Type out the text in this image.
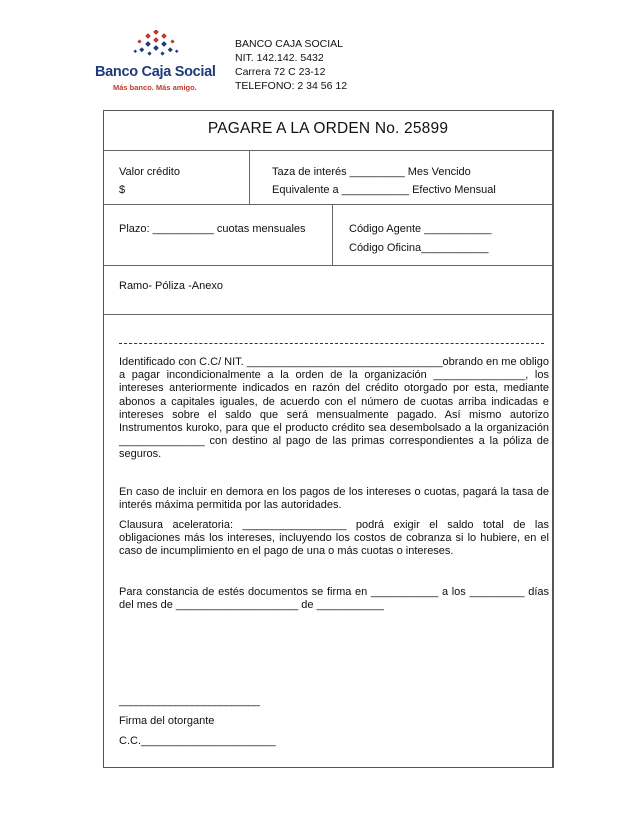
Banco Caja Social
Más banco. Más amigo.
BANCO CAJA SOCIAL
NIT. 142.142. 5432
Carrera 72 C 23-12
TELEFONO: 2 34 56 12
PAGARE A LA ORDEN No. 25899
Valor crédito
$
Taza de interés _________ Mes Vencido
Equivalente a ___________ Efectivo Mensual
Plazo: __________ cuotas mensuales	Código Agente ___________
Código Oficina___________
Ramo- Póliza -Anexo

Identificado con C.C/ NIT. ________________________________obrando en me obligo a pagar incondicionalmente a la orden de la organización _______________, los intereses anteriormente indicados en razón del crédito otorgado por esta, mediante abonos a capitales iguales, de acuerdo con el número de cuotas arriba indicadas e intereses sobre el saldo que será mensualmente pagado. Así mismo autorizo Instrumentos kuroko, para que el producto crédito sea desembolsado a la organización ______________ con destino al pago de las primas correspondientes a la póliza de seguros.

En caso de incluir en demora en los pagos de los intereses o cuotas, pagará la tasa de interés máxima permitida por las autoridades.

Clausura aceleratoria: _________________ podrá exigir el saldo total de las obligaciones más los intereses, incluyendo los costos de cobranza si lo hubiere, en el caso de incumplimiento en el pago de una o más cuotas o intereses.

Para constancia de estés documentos se firma en ___________ a los _________ días del mes de ____________________ de ___________

_________________________
Firma del otorgante
C.C.______________________
